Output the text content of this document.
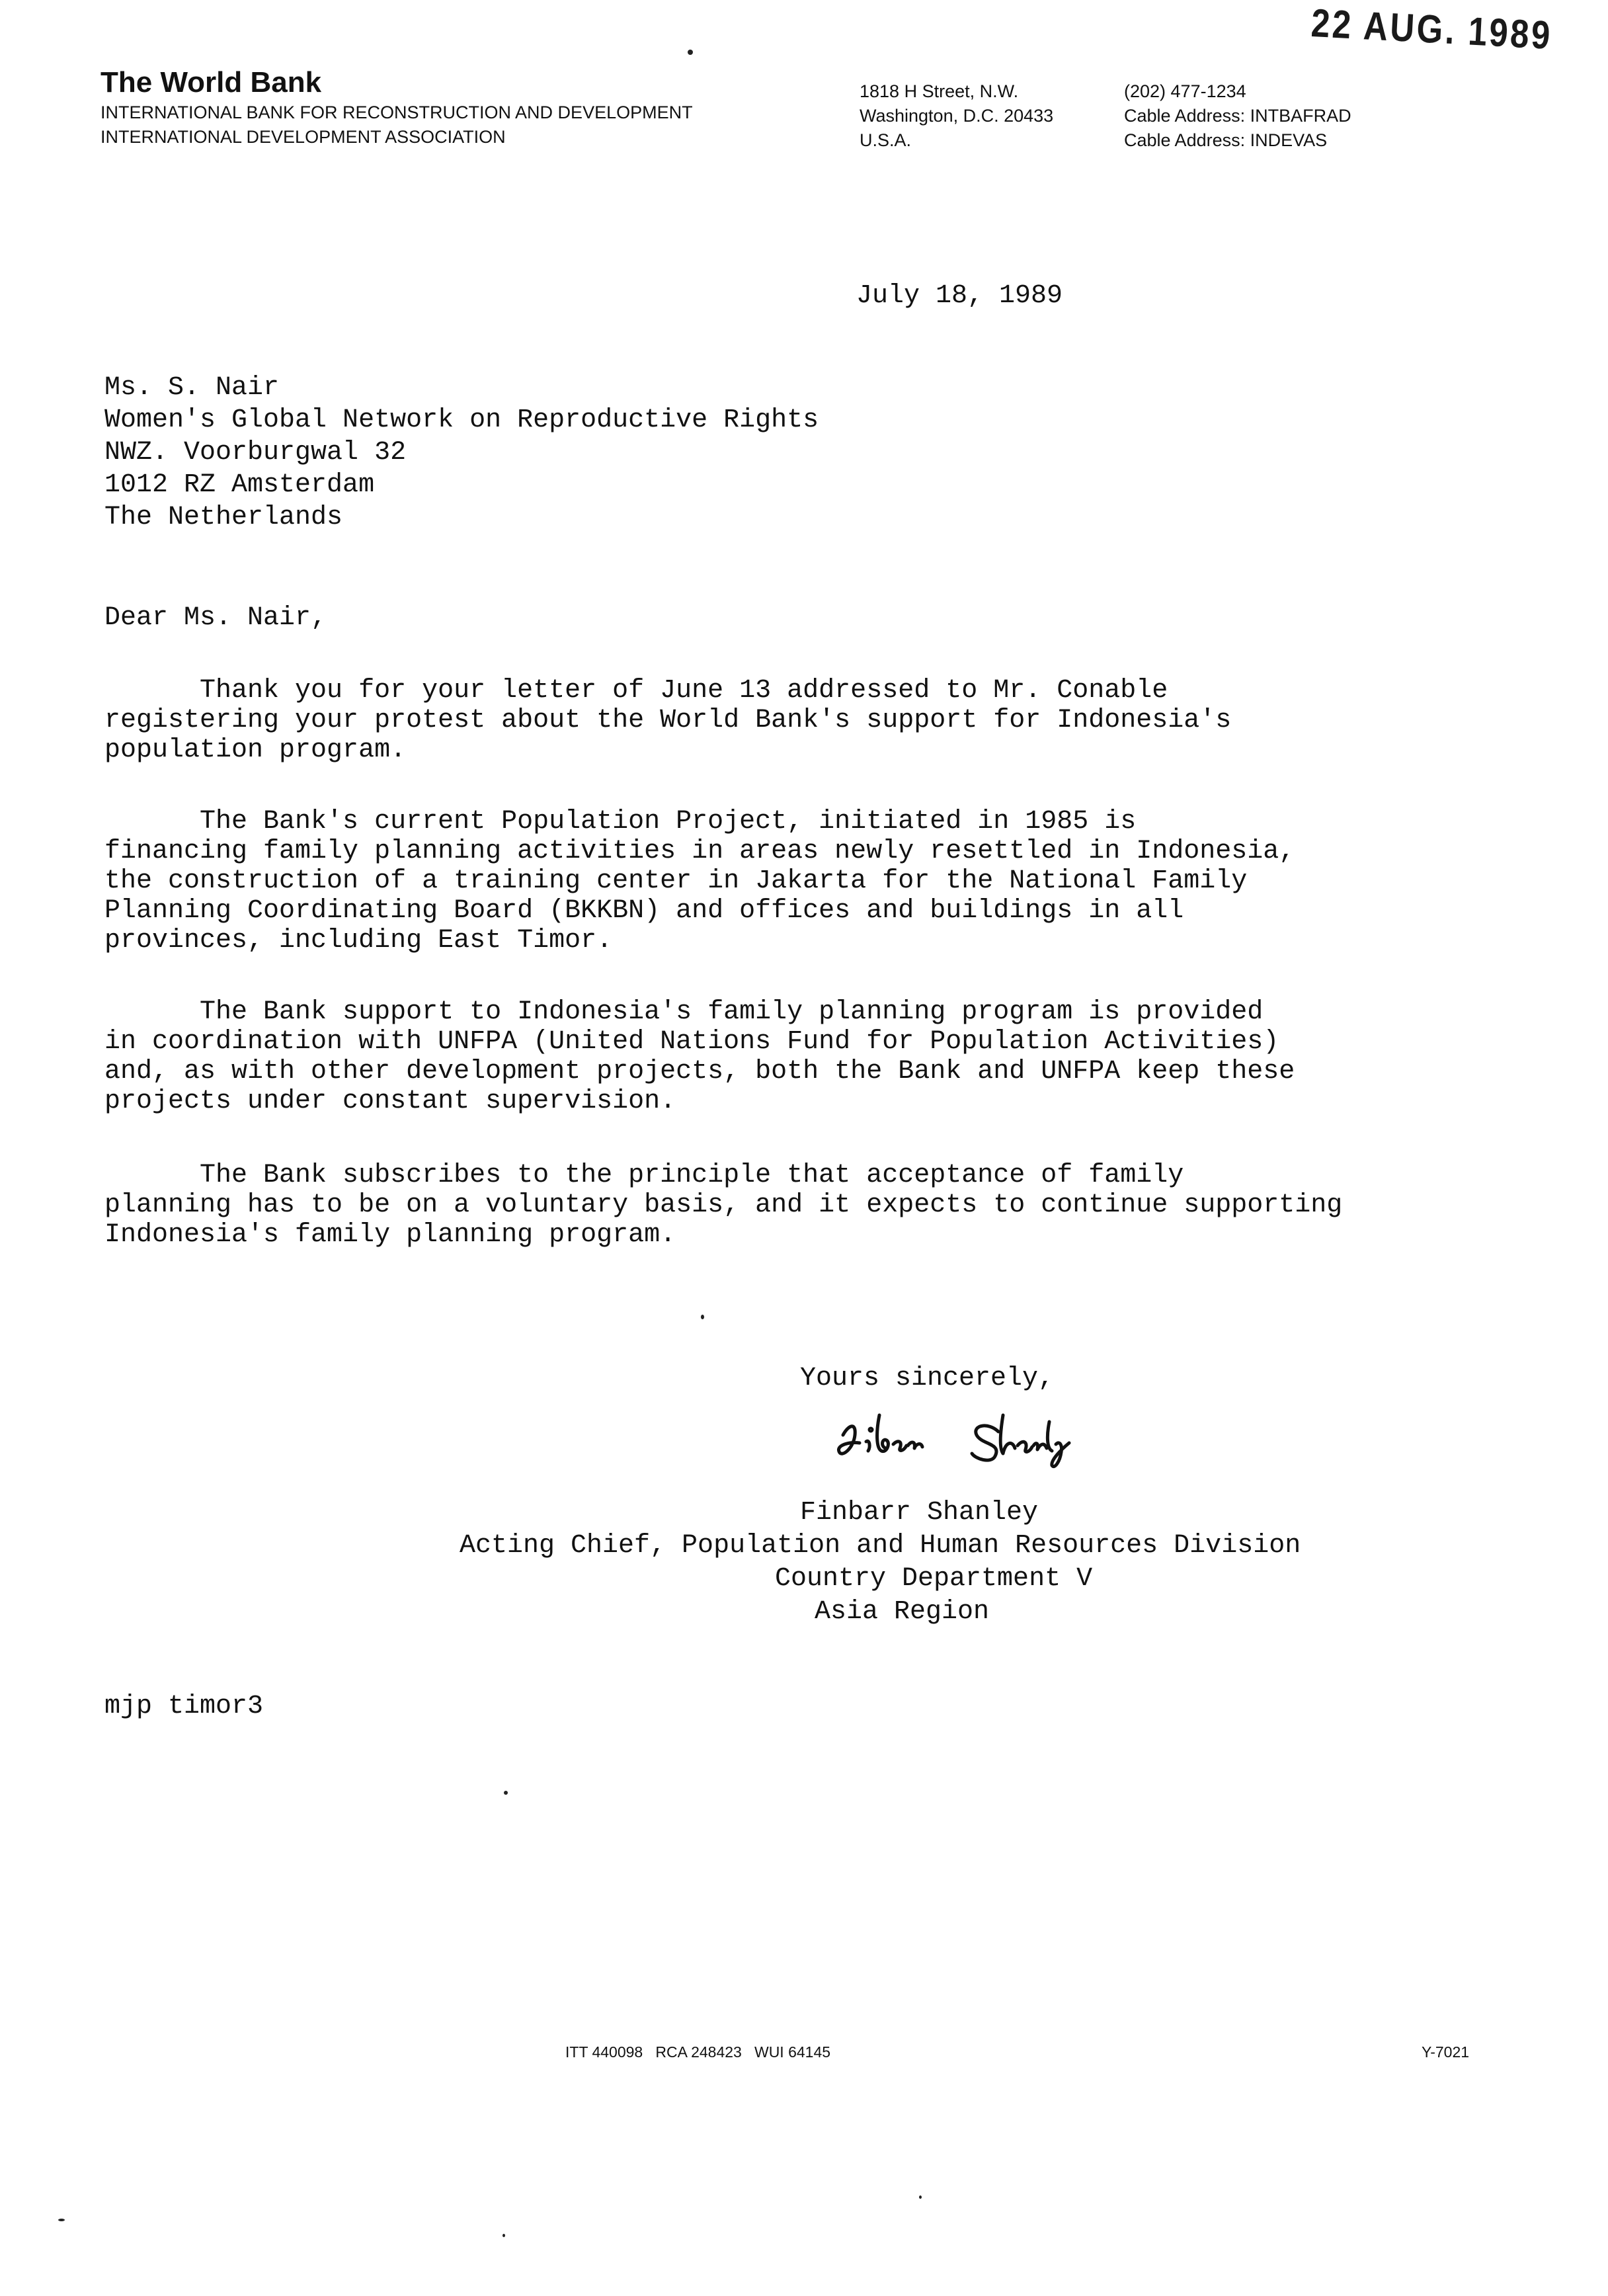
22 AUG. 1989
The World Bank
INTERNATIONAL BANK FOR RECONSTRUCTION AND DEVELOPMENT
INTERNATIONAL DEVELOPMENT ASSOCIATION
1818 H Street, N.W.
Washington, D.C. 20433
U.S.A.
(202) 477-1234
Cable Address: INTBAFRAD
Cable Address: INDEVAS
July 18, 1989
Ms. S. Nair
Women's Global Network on Reproductive Rights
NWZ. Voorburgwal 32
1012 RZ Amsterdam
The Netherlands
Dear Ms. Nair,
Thank you for your letter of June 13 addressed to Mr. Conable
registering your protest about the World Bank's support for Indonesia's
population program.
The Bank's current Population Project, initiated in 1985 is
financing family planning activities in areas newly resettled in Indonesia,
the construction of a training center in Jakarta for the National Family
Planning Coordinating Board (BKKBN) and offices and buildings in all
provinces, including East Timor.
The Bank support to Indonesia's family planning program is provided
in coordination with UNFPA (United Nations Fund for Population Activities)
and, as with other development projects, both the Bank and UNFPA keep these
projects under constant supervision.
The Bank subscribes to the principle that acceptance of family
planning has to be on a voluntary basis, and it expects to continue supporting
Indonesia's family planning program.
Yours sincerely,
Finbarr Shanley
Acting Chief, Population and Human Resources Division
Country Department V
Asia Region
mjp timor3
ITT 440098   RCA 248423   WUI 64145	Y-7021
